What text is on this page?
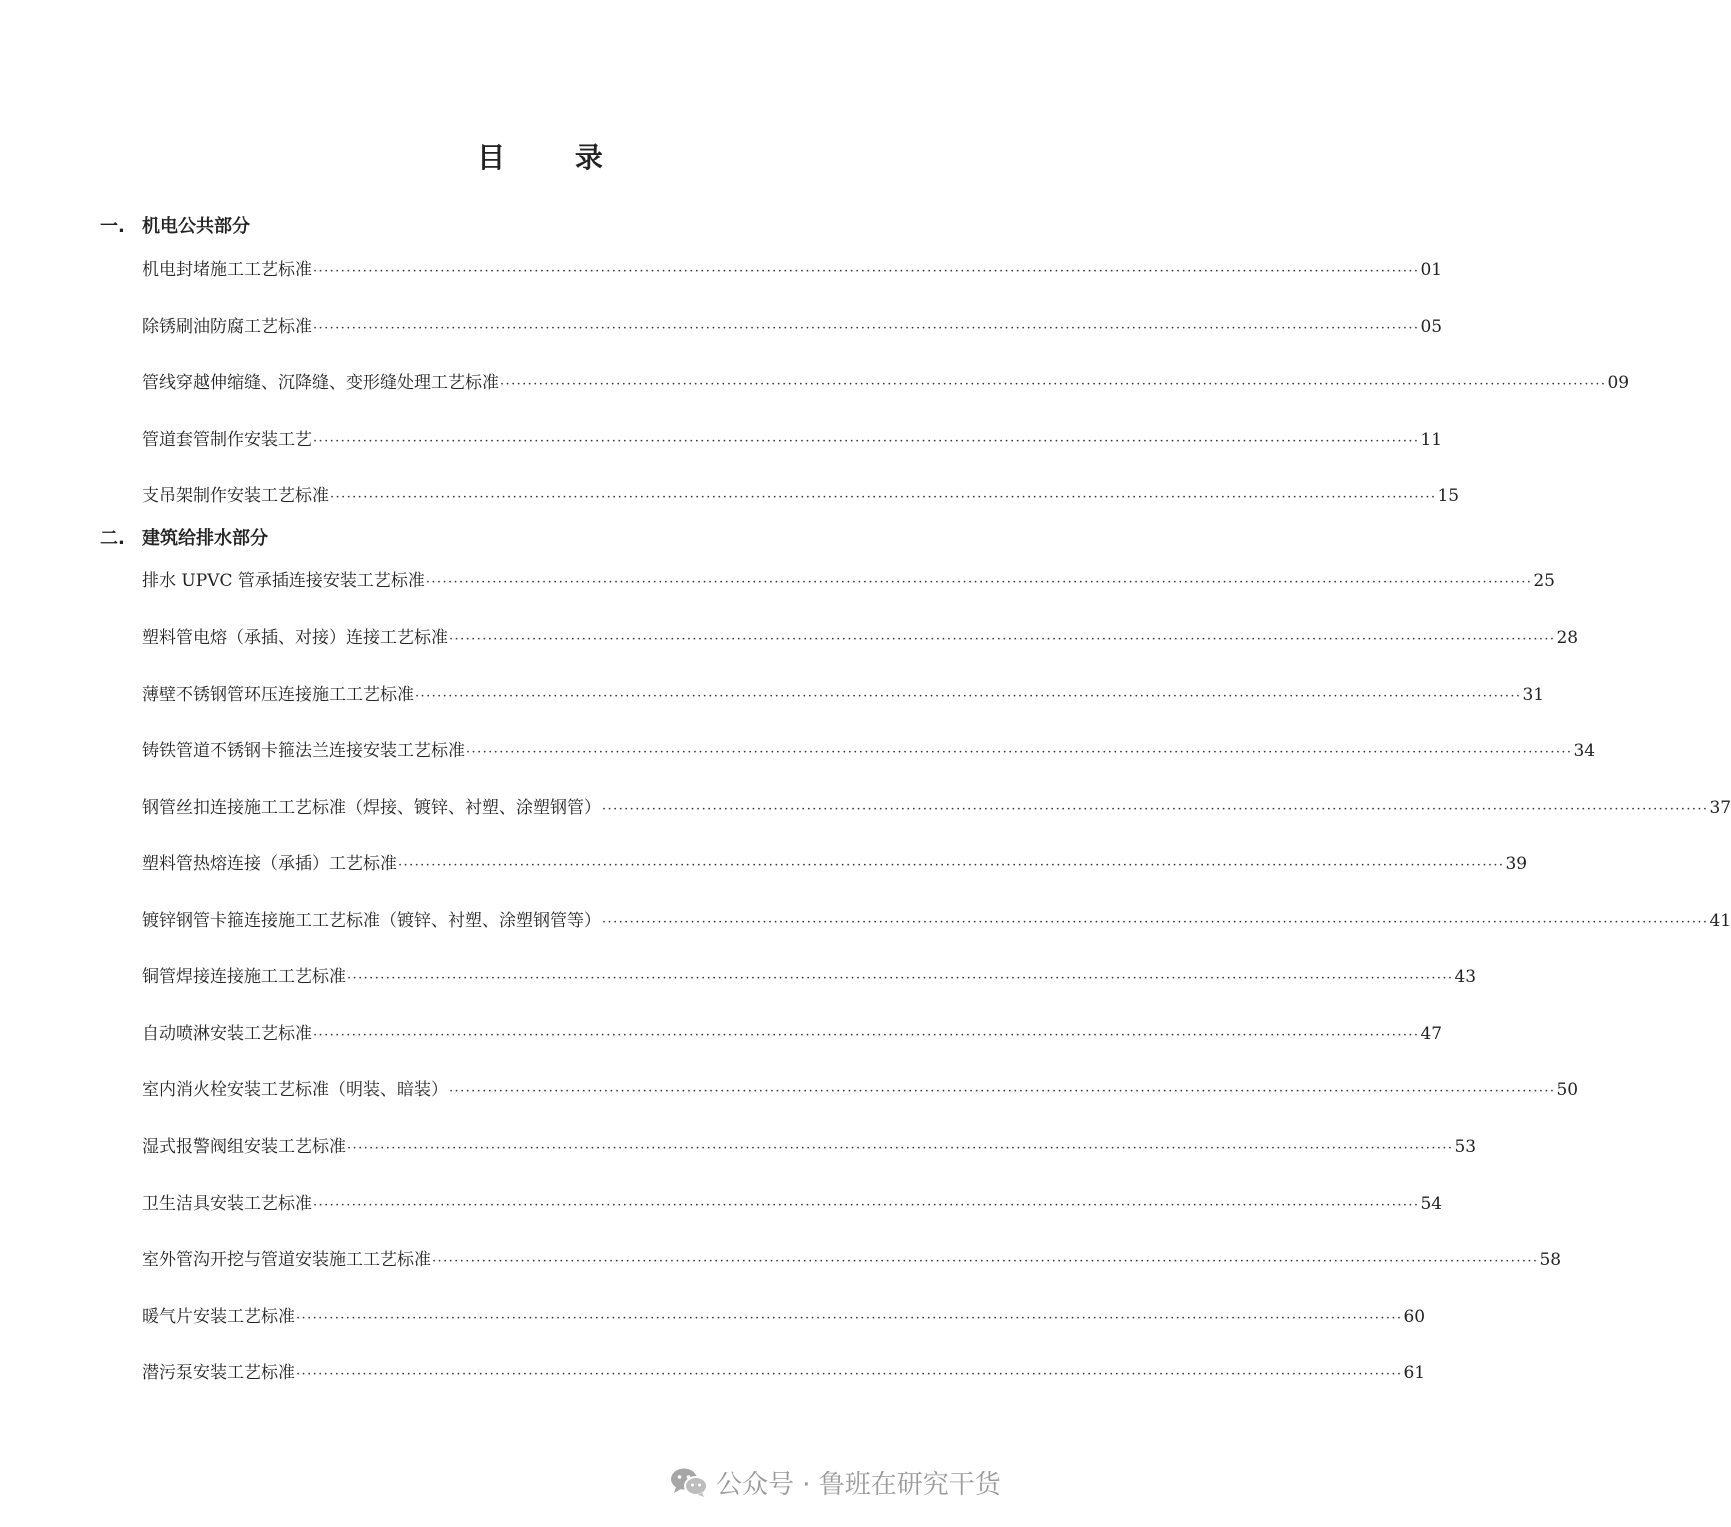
目 录
一. 机电公共部分
机电封堵施工工艺标准 ········································································································································································································ 01
除锈刷油防腐工艺标准 ········································································································································································································ 05
管线穿越伸缩缝、沉降缝、变形缝处理工艺标准 ········································································································································································································ 09
管道套管制作安装工艺 ········································································································································································································ 11
支吊架制作安装工艺标准 ········································································································································································································ 15
二. 建筑给排水部分
排水 UPVC 管承插连接安装工艺标准 ········································································································································································································ 25
塑料管电熔（承插、对接）连接工艺标准 ········································································································································································································ 28
薄壁不锈钢管环压连接施工工艺标准 ········································································································································································································ 31
铸铁管道不锈钢卡箍法兰连接安装工艺标准 ········································································································································································································ 34
钢管丝扣连接施工工艺标准（焊接、镀锌、衬塑、涂塑钢管） ········································································································································································································ 37
塑料管热熔连接（承插）工艺标准 ········································································································································································································ 39
镀锌钢管卡箍连接施工工艺标准（镀锌、衬塑、涂塑钢管等） ········································································································································································································ 41
铜管焊接连接施工工艺标准 ········································································································································································································ 43
自动喷淋安装工艺标准 ········································································································································································································ 47
室内消火栓安装工艺标准（明装、暗装） ········································································································································································································ 50
湿式报警阀组安装工艺标准 ········································································································································································································ 53
卫生洁具安装工艺标准 ········································································································································································································ 54
室外管沟开挖与管道安装施工工艺标准 ········································································································································································································ 58
暖气片安装工艺标准 ········································································································································································································ 60
潜污泵安装工艺标准 ········································································································································································································ 61
公众号 · 鲁班在研究干货
